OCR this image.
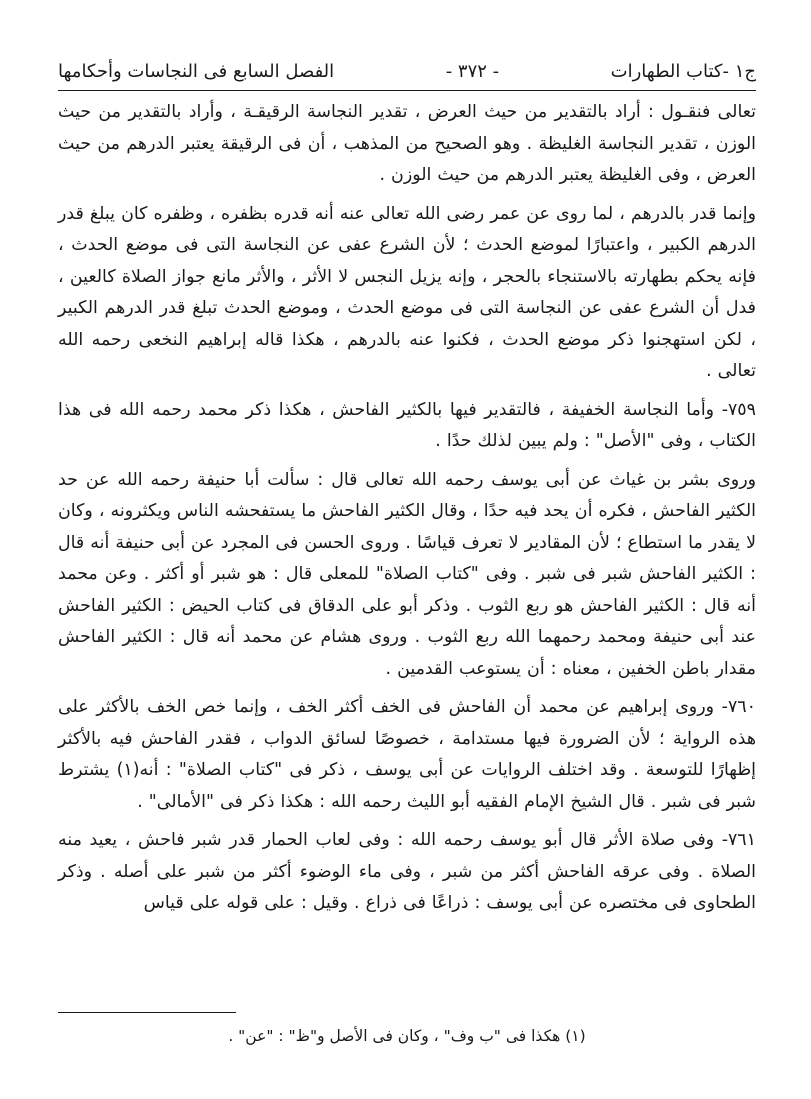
ج١ -كتاب الطهارات
- ٣٧٢ -
الفصل السابع فى النجاسات وأحكامها

تعالى فنقـول : أراد بالتقدير من حيث العرض ، تقدير النجاسة الرقيقـة ، وأراد بالتقدير من حيث الوزن ، تقدير النجاسة الغليظة . وهو الصحيح من المذهب ، أن فى الرقيقة يعتبر الدرهم من حيث العرض ، وفى الغليظة يعتبر الدرهم من حيث الوزن .

وإنما قدر بالدرهم ، لما روى عن عمر رضى الله تعالى عنه أنه قدره بظفره ، وظفره كان يبلغ قدر الدرهم الكبير ، واعتبارًا لموضع الحدث ؛ لأن الشرع عفى عن النجاسة التى فى موضع الحدث ، فإنه يحكم بطهارته بالاستنجاء بالحجر ، وإنه يزيل النجس لا الأثر ، والأثر مانع جواز الصلاة كالعين ، فدل أن الشرع عفى عن النجاسة التى فى موضع الحدث ، وموضع الحدث تبلغ قدر الدرهم الكبير ، لكن استهجنوا ذكر موضع الحدث ، فكنوا عنه بالدرهم ، هكذا قاله إبراهيم النخعى رحمه الله تعالى .

٧٥٩- وأما النجاسة الخفيفة ، فالتقدير فيها بالكثير الفاحش ، هكذا ذكر محمد رحمه الله فى هذا الكتاب ، وفى "الأصل" : ولم يبين لذلك حدًا .

وروى بشر بن غياث عن أبى يوسف رحمه الله تعالى قال : سألت أبا حنيفة رحمه الله عن حد الكثير الفاحش ، فكره أن يحد فيه حدًا ، وقال الكثير الفاحش ما يستفحشه الناس ويكثرونه ، وكان لا يقدر ما استطاع ؛ لأن المقادير لا تعرف قياسًا . وروى الحسن فى المجرد عن أبى حنيفة أنه قال : الكثير الفاحش شبر فى شبر . وفى "كتاب الصلاة" للمعلى قال : هو شبر أو أكثر . وعن محمد أنه قال : الكثير الفاحش هو ربع الثوب . وذكر أبو على الدقاق فى كتاب الحيض : الكثير الفاحش عند أبى حنيفة ومحمد رحمهما الله ربع الثوب . وروى هشام عن محمد أنه قال : الكثير الفاحش مقدار باطن الخفين ، معناه : أن يستوعب القدمين .

٧٦٠- وروى إبراهيم عن محمد أن الفاحش فى الخف أكثر الخف ، وإنما خص الخف بالأكثر على هذه الرواية ؛ لأن الضرورة فيها مستدامة ، خصوصًا لسائق الدواب ، فقدر الفاحش فيه بالأكثر إظهارًا للتوسعة . وقد اختلف الروايات عن أبى يوسف ، ذكر فى "كتاب الصلاة" : أنه(١) يشترط شبر فى شبر . قال الشيخ الإمام الفقيه أبو الليث رحمه الله : هكذا ذكر فى "الأمالى" .

٧٦١- وفى صلاة الأثر قال أبو يوسف رحمه الله : وفى لعاب الحمار قدر شبر فاحش ، يعيد منه الصلاة . وفى عرقه الفاحش أكثر من شبر ، وفى ماء الوضوء أكثر من شبر على أصله . وذكر الطحاوى فى مختصره عن أبى يوسف : ذراعًا فى ذراع . وقيل : على قوله على قياس

(١) هكذا فى "ب وف" ، وكان فى الأصل و"ظ" : "عن" .
